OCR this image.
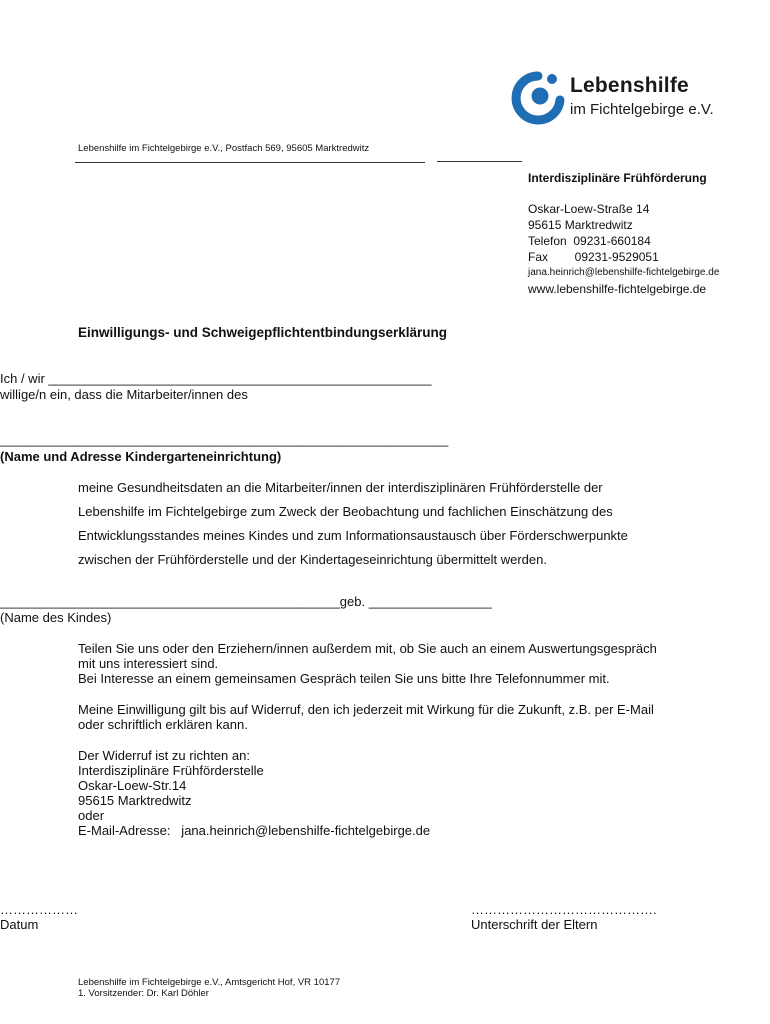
Lebenshilfe
im Fichtelgebirge e.V.
Lebenshilfe im Fichtelgebirge e.V., Postfach 569, 95605 Marktredwitz
Interdisziplinäre Frühförderung
Oskar-Loew-Straße 14
95615 Marktredwitz
Telefon  09231-660184
Fax        09231-9529051
jana.heinrich@lebenshilfe-fichtelgebirge.de
www.lebenshilfe-fichtelgebirge.de
Einwilligungs- und Schweigepflichtentbindungserklärung
Ich / wir _____________________________________________________
willige/n ein, dass die Mitarbeiter/innen des
______________________________________________________________
(Name und Adresse Kindergarteneinrichtung)
meine Gesundheitsdaten an die Mitarbeiter/innen der interdisziplinären Frühförderstelle der
Lebenshilfe im Fichtelgebirge zum Zweck der Beobachtung und fachlichen Einschätzung des
Entwicklungsstandes meines Kindes und zum Informationsaustausch über Förderschwerpunkte
zwischen der Frühförderstelle und der Kindertageseinrichtung übermittelt werden.
_______________________________________________geb. _________________
(Name des Kindes)
Teilen Sie uns oder den Erziehern/innen außerdem mit, ob Sie auch an einem Auswertungsgespräch
mit uns interessiert sind.
Bei Interesse an einem gemeinsamen Gespräch teilen Sie uns bitte Ihre Telefonnummer mit.
Meine Einwilligung gilt bis auf Widerruf, den ich jederzeit mit Wirkung für die Zukunft, z.B. per E-Mail
oder schriftlich erklären kann.
Der Widerruf ist zu richten an:
Interdisziplinäre Frühförderstelle
Oskar-Loew-Str.14
95615 Marktredwitz
oder
E-Mail-Adresse:   jana.heinrich@lebenshilfe-fichtelgebirge.de
………………
Datum
…………………………………….
Unterschrift der Eltern
Lebenshilfe im Fichtelgebirge e.V., Amtsgericht Hof, VR 10177
1. Vorsitzender: Dr. Karl Döhler
